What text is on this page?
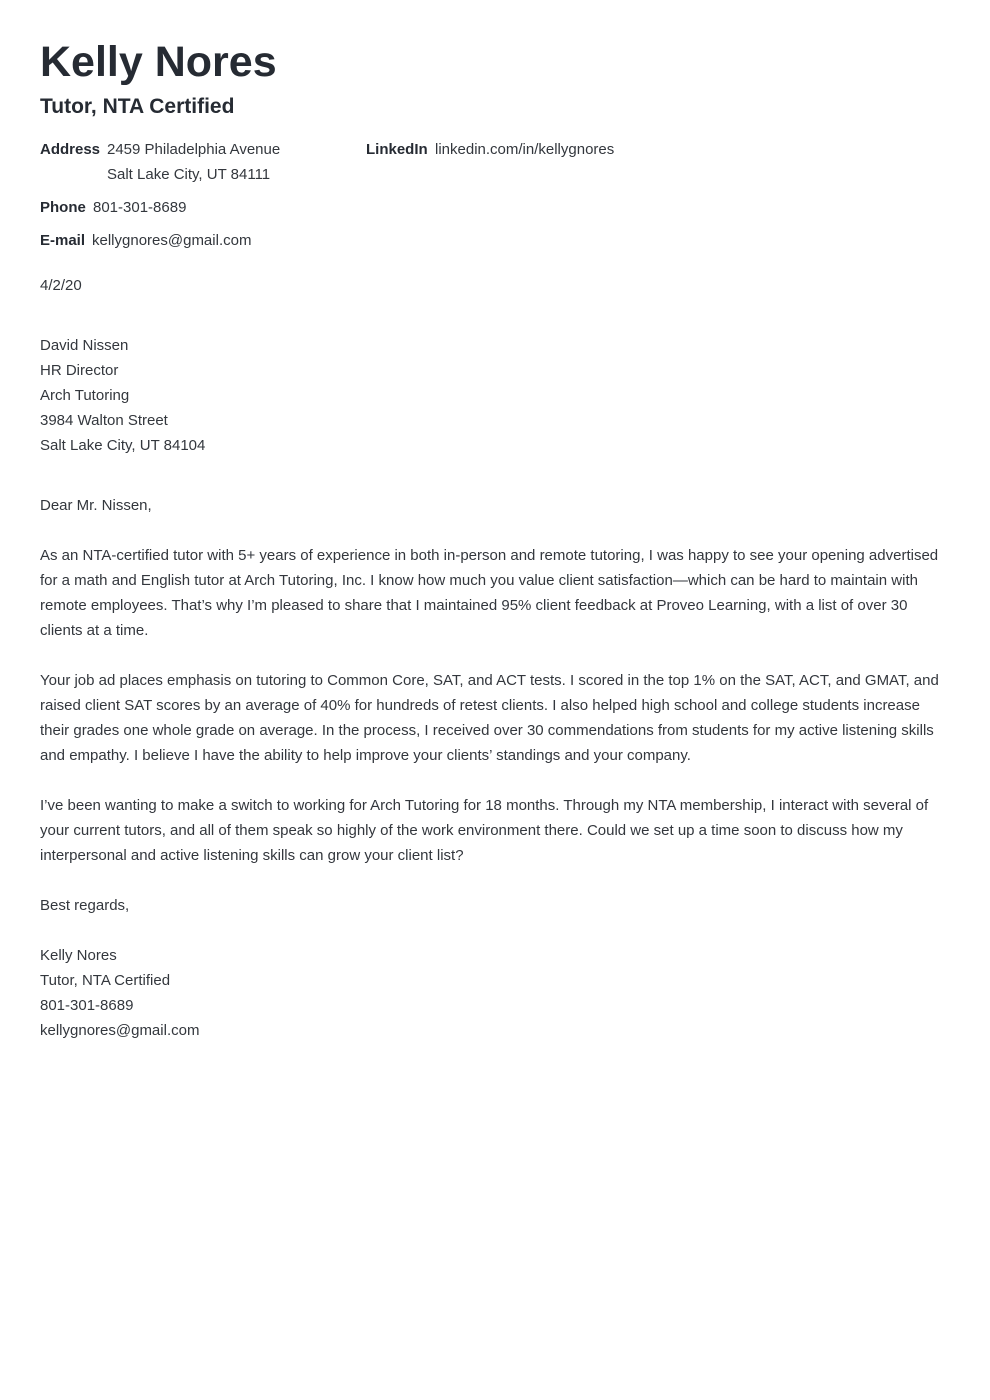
Kelly Nores
Tutor, NTA Certified
Address 2459 Philadelphia Avenue
Salt Lake City, UT 84111
LinkedIn linkedin.com/in/kellygnores
Phone 801-301-8689
E-mail kellygnores@gmail.com

4/2/20

David Nissen
HR Director
Arch Tutoring
3984 Walton Street
Salt Lake City, UT 84104

Dear Mr. Nissen,

As an NTA-certified tutor with 5+ years of experience in both in-person and remote tutoring, I was happy to see your opening advertised for a math and English tutor at Arch Tutoring, Inc. I know how much you value client satisfaction—which can be hard to maintain with remote employees. That’s why I’m pleased to share that I maintained 95% client feedback at Proveo Learning, with a list of over 30 clients at a time.

Your job ad places emphasis on tutoring to Common Core, SAT, and ACT tests. I scored in the top 1% on the SAT, ACT, and GMAT, and raised client SAT scores by an average of 40% for hundreds of retest clients. I also helped high school and college students increase their grades one whole grade on average. In the process, I received over 30 commendations from students for my active listening skills and empathy. I believe I have the ability to help improve your clients’ standings and your company.

I’ve been wanting to make a switch to working for Arch Tutoring for 18 months. Through my NTA membership, I interact with several of your current tutors, and all of them speak so highly of the work environment there. Could we set up a time soon to discuss how my interpersonal and active listening skills can grow your client list?

Best regards,

Kelly Nores
Tutor, NTA Certified
801-301-8689
kellygnores@gmail.com
